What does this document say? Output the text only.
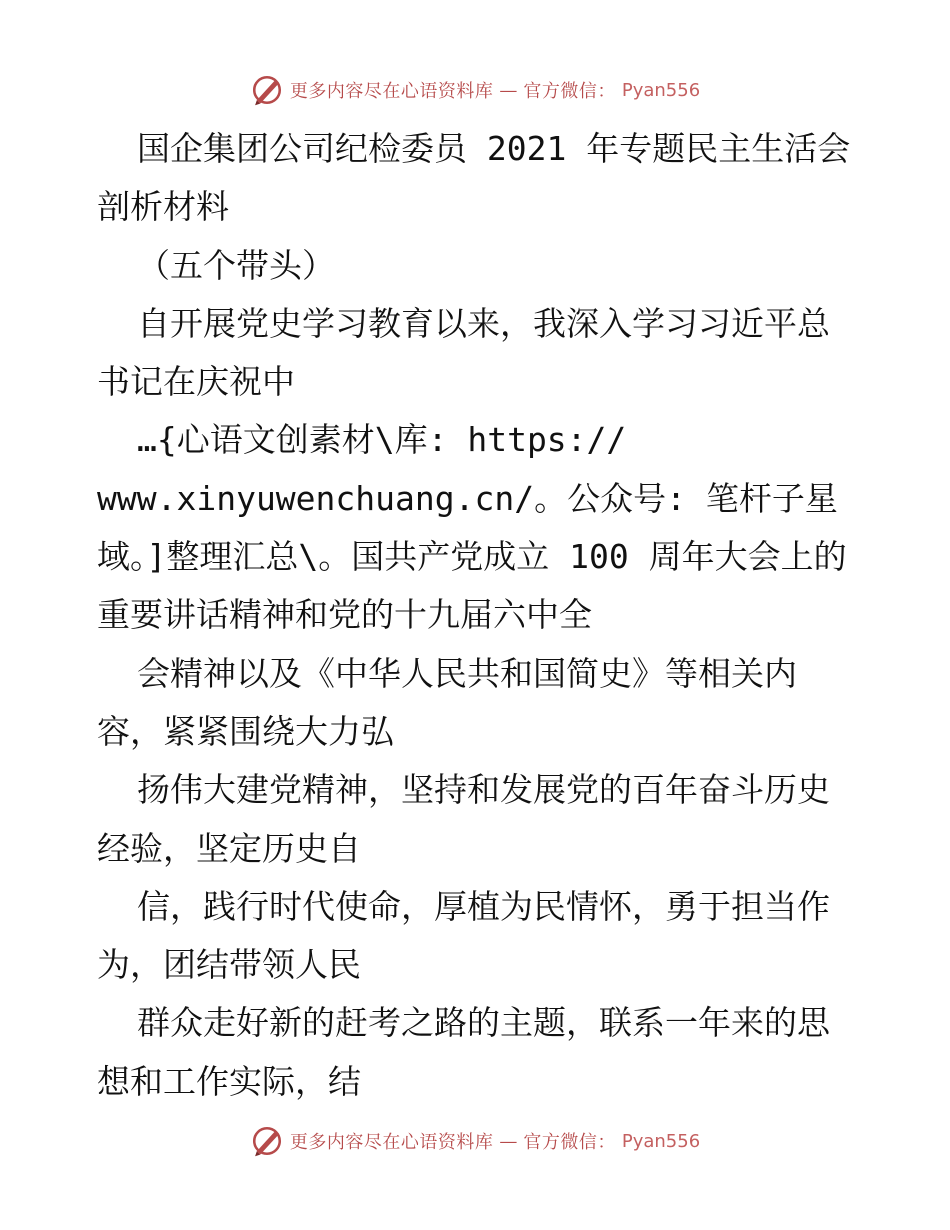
更多内容尽在心语资料库 — 官方微信： Pyan556

国企集团公司纪检委员 2021 年专题民主生活会剖析材料

（五个带头）

自开展党史学习教育以来，我深入学习习近平总书记在庆祝中

…{心语文创素材\库: https://

www.xinyuwenchuang.cn/。公众号: 笔杆子星域。]整理汇总\。国共产党成立 100 周年大会上的重要讲话精神和党的十九届六中全

会精神以及《中华人民共和国简史》等相关内容，紧紧围绕大力弘

扬伟大建党精神，坚持和发展党的百年奋斗历史经验，坚定历史自

信，践行时代使命，厚植为民情怀，勇于担当作为，团结带领人民

群众走好新的赶考之路的主题，联系一年来的思想和工作实际，结

更多内容尽在心语资料库 — 官方微信： Pyan556
